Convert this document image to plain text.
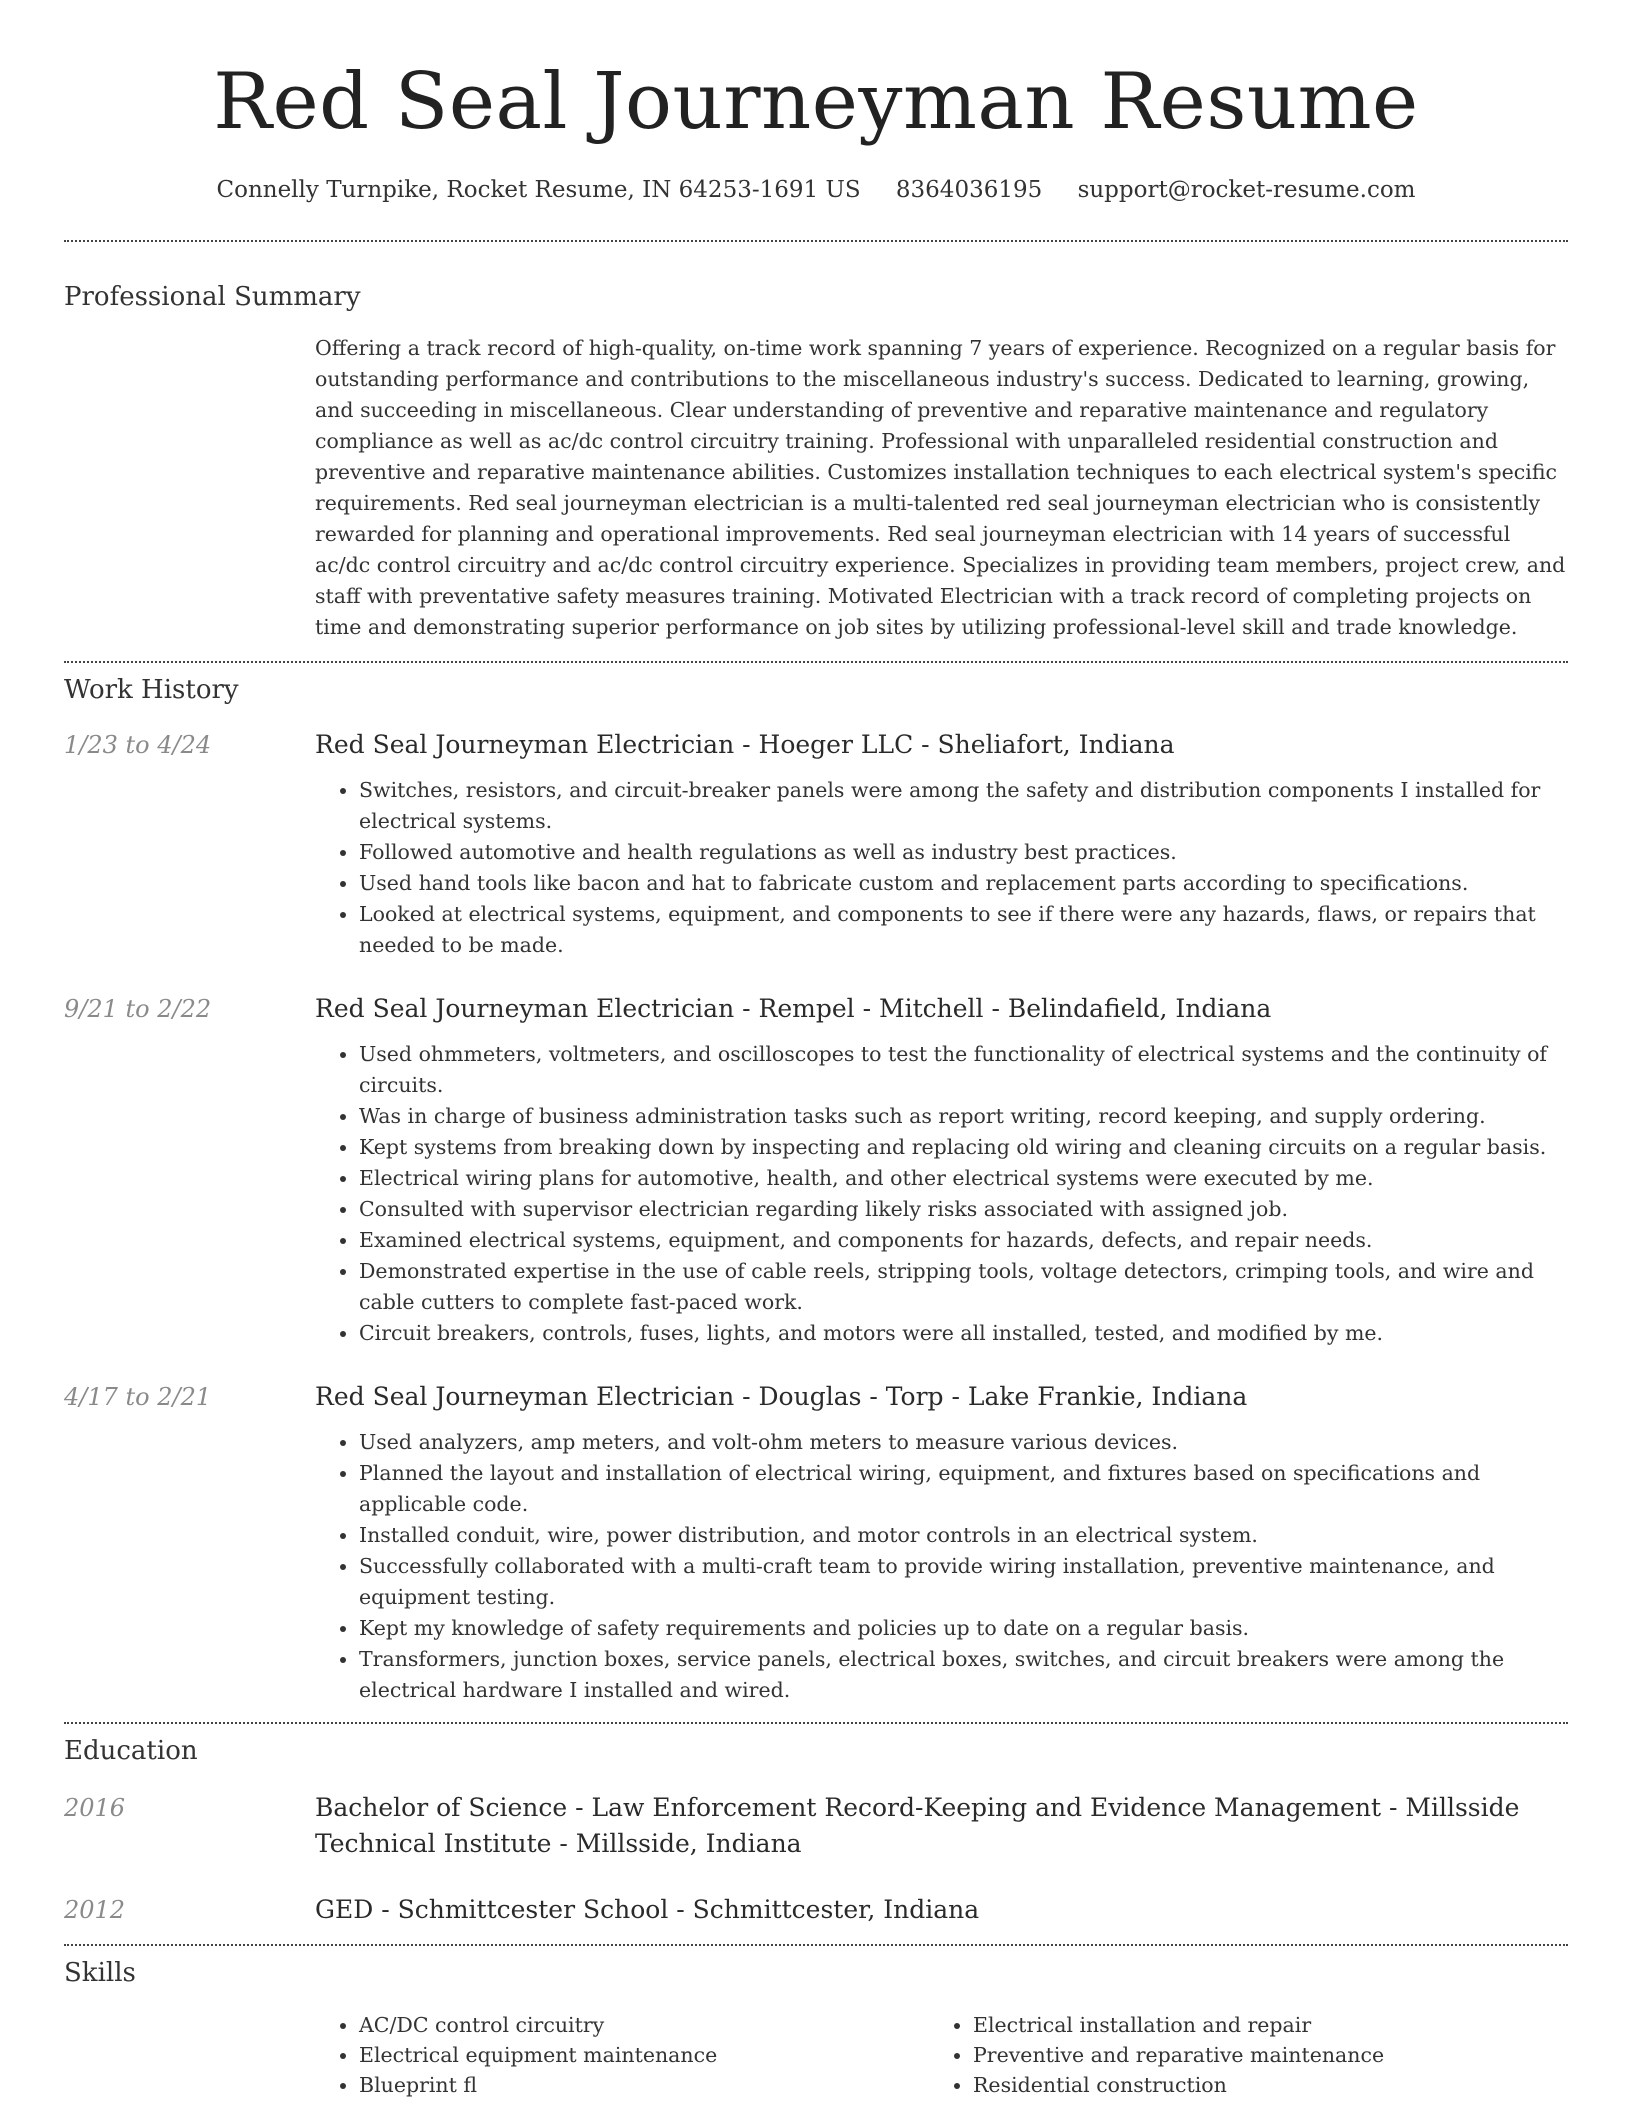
Red Seal Journeyman Resume
Connelly Turnpike, Rocket Resume, IN 64253-1691 US 8364036195 support@rocket-resume.com
Professional Summary
Offering a track record of high-quality, on-time work spanning 7 years of experience. Recognized on a regular basis for outstanding performance and contributions to the miscellaneous industry's success. Dedicated to learning, growing, and succeeding in miscellaneous. Clear understanding of preventive and reparative maintenance and regulatory compliance as well as ac/dc control circuitry training. Professional with unparalleled residential construction and preventive and reparative maintenance abilities. Customizes installation techniques to each electrical system's specific requirements. Red seal journeyman electrician is a multi-talented red seal journeyman electrician who is consistently rewarded for planning and operational improvements. Red seal journeyman electrician with 14 years of successful ac/dc control circuitry and ac/dc control circuitry experience. Specializes in providing team members, project crew, and staff with preventative safety measures training. Motivated Electrician with a track record of completing projects on time and demonstrating superior performance on job sites by utilizing professional-level skill and trade knowledge.
Work History
1/23 to 4/24	Red Seal Journeyman Electrician - Hoeger LLC - Sheliafort, Indiana
• Switches, resistors, and circuit-breaker panels were among the safety and distribution components I installed for electrical systems.
• Followed automotive and health regulations as well as industry best practices.
• Used hand tools like bacon and hat to fabricate custom and replacement parts according to specifications.
• Looked at electrical systems, equipment, and components to see if there were any hazards, flaws, or repairs that needed to be made.
9/21 to 2/22	Red Seal Journeyman Electrician - Rempel - Mitchell - Belindafield, Indiana
• Used ohmmeters, voltmeters, and oscilloscopes to test the functionality of electrical systems and the continuity of circuits.
• Was in charge of business administration tasks such as report writing, record keeping, and supply ordering.
• Kept systems from breaking down by inspecting and replacing old wiring and cleaning circuits on a regular basis.
• Electrical wiring plans for automotive, health, and other electrical systems were executed by me.
• Consulted with supervisor electrician regarding likely risks associated with assigned job.
• Examined electrical systems, equipment, and components for hazards, defects, and repair needs.
• Demonstrated expertise in the use of cable reels, stripping tools, voltage detectors, crimping tools, and wire and cable cutters to complete fast-paced work.
• Circuit breakers, controls, fuses, lights, and motors were all installed, tested, and modified by me.
4/17 to 2/21	Red Seal Journeyman Electrician - Douglas - Torp - Lake Frankie, Indiana
• Used analyzers, amp meters, and volt-ohm meters to measure various devices.
• Planned the layout and installation of electrical wiring, equipment, and fixtures based on specifications and applicable code.
• Installed conduit, wire, power distribution, and motor controls in an electrical system.
• Successfully collaborated with a multi-craft team to provide wiring installation, preventive maintenance, and equipment testing.
• Kept my knowledge of safety requirements and policies up to date on a regular basis.
• Transformers, junction boxes, service panels, electrical boxes, switches, and circuit breakers were among the electrical hardware I installed and wired.
Education
2016	Bachelor of Science - Law Enforcement Record-Keeping and Evidence Management - Millsside Technical Institute - Millsside, Indiana
2012	GED - Schmittcester School - Schmittcester, Indiana
Skills
• AC/DC control circuitry
• Electrical equipment maintenance
• Blueprint fl
• Electrical installation and repair
• Preventive and reparative maintenance
• Residential construction
